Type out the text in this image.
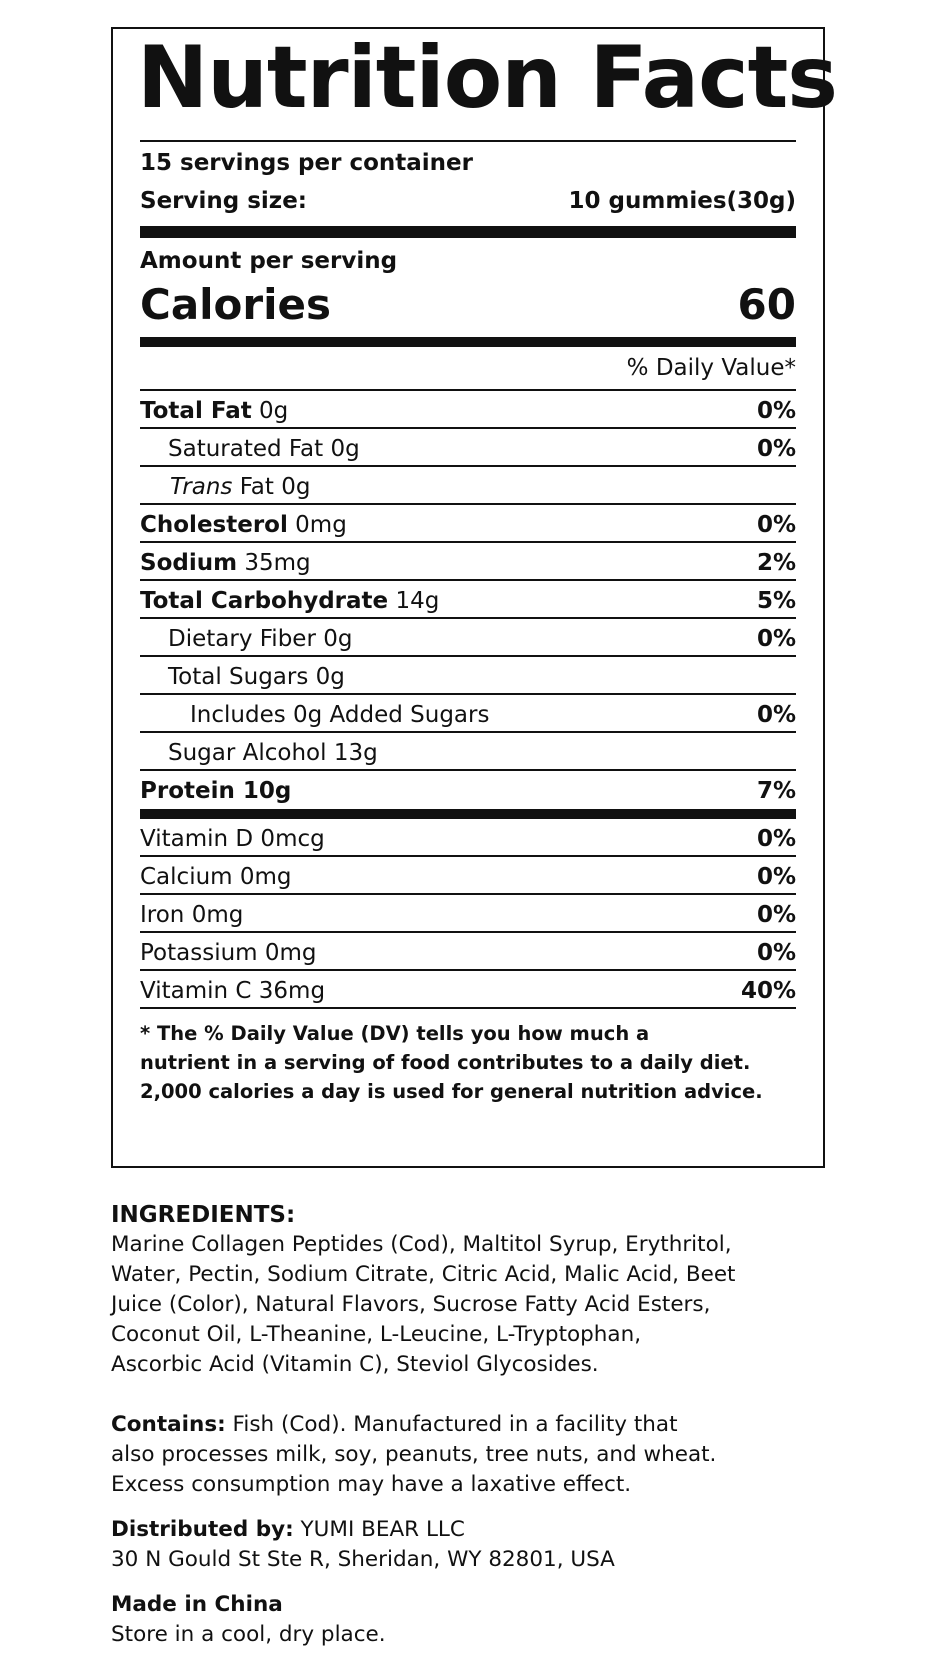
Nutrition Facts
15 servings per container
Serving size:	10 gummies(30g)
Amount per serving
Calories	60
% Daily Value*
Total Fat 0g	0%
Saturated Fat 0g	0%
Trans Fat 0g
Cholesterol 0mg	0%
Sodium 35mg	2%
Total Carbohydrate 14g	5%
Dietary Fiber 0g	0%
Total Sugars 0g
Includes 0g Added Sugars	0%
Sugar Alcohol 13g
Protein 10g	7%
Vitamin D 0mcg	0%
Calcium 0mg	0%
Iron 0mg	0%
Potassium 0mg	0%
Vitamin C 36mg	40%
* The % Daily Value (DV) tells you how much a
nutrient in a serving of food contributes to a daily diet.
2,000 calories a day is used for general nutrition advice.
INGREDIENTS:
Marine Collagen Peptides (Cod), Maltitol Syrup, Erythritol,
Water, Pectin, Sodium Citrate, Citric Acid, Malic Acid, Beet
Juice (Color), Natural Flavors, Sucrose Fatty Acid Esters,
Coconut Oil, L-Theanine, L-Leucine, L-Tryptophan,
Ascorbic Acid (Vitamin C), Steviol Glycosides.
Contains: Fish (Cod). Manufactured in a facility that
also processes milk, soy, peanuts, tree nuts, and wheat.
Excess consumption may have a laxative effect.
Distributed by: YUMI BEAR LLC
30 N Gould St Ste R, Sheridan, WY 82801, USA
Made in China
Store in a cool, dry place.
